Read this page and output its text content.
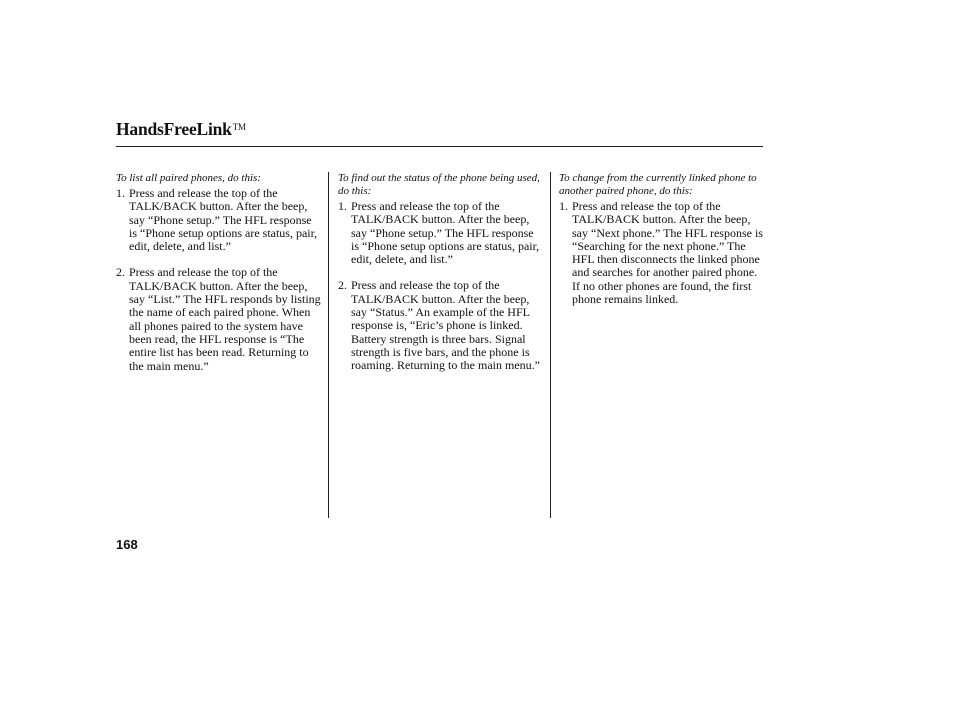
HandsFreeLink™
To list all paired phones, do this:
1. Press and release the top of the TALK/BACK button. After the beep, say “Phone setup.” The HFL response is “Phone setup options are status, pair, edit, delete, and list.”
2. Press and release the top of the TALK/BACK button. After the beep, say “List.” The HFL responds by listing the name of each paired phone. When all phones paired to the system have been read, the HFL response is “The entire list has been read. Returning to the main menu.”
To find out the status of the phone being used, do this:
1. Press and release the top of the TALK/BACK button. After the beep, say “Phone setup.” The HFL response is “Phone setup options are status, pair, edit, delete, and list.”
2. Press and release the top of the TALK/BACK button. After the beep, say “Status.” An example of the HFL response is, “Eric’s phone is linked. Battery strength is three bars. Signal strength is five bars, and the phone is roaming. Returning to the main menu.”
To change from the currently linked phone to another paired phone, do this:
1. Press and release the top of the TALK/BACK button. After the beep, say “Next phone.” The HFL response is “Searching for the next phone.” The HFL then disconnects the linked phone and searches for another paired phone. If no other phones are found, the first phone remains linked.
168
